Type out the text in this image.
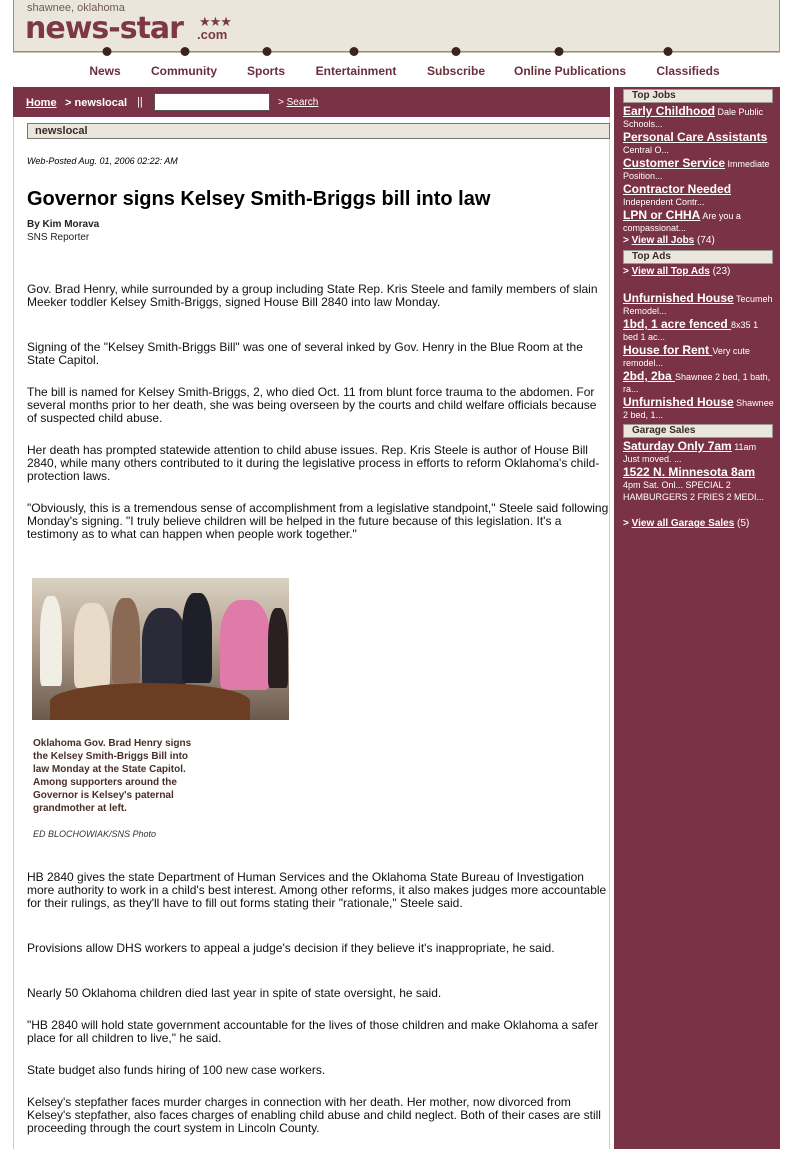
shawnee, oklahoma
news-star ★★★
.com
News	Community Sports	Entertainment	Subscribe Online Publications	Classifieds
Home > newslocal ||	> Search
newslocal
Web-Posted Aug. 01, 2006 02:22: AM
Governor signs Kelsey Smith-Briggs bill into law
By Kim Morava
SNS Reporter

Gov. Brad Henry, while surrounded by a group including State Rep. Kris Steele and family members of slain Meeker toddler Kelsey Smith-Briggs, signed House Bill 2840 into law Monday.

Signing of the "Kelsey Smith-Briggs Bill" was one of several inked by Gov. Henry in the Blue Room at the State Capitol.

The bill is named for Kelsey Smith-Briggs, 2, who died Oct. 11 from blunt force trauma to the abdomen. For several months prior to her death, she was being overseen by the courts and child welfare officials because of suspected child abuse.

Her death has prompted statewide attention to child abuse issues. Rep. Kris Steele is author of House Bill 2840, while many others contributed to it during the legislative process in efforts to reform Oklahoma's child-protection laws.

"Obviously, this is a tremendous sense of accomplishment from a legislative standpoint," Steele said following Monday's signing. "I truly believe children will be helped in the future because of this legislation. It's a testimony as to what can happen when people work together."

Oklahoma Gov. Brad Henry signs the Kelsey Smith-Briggs Bill into law Monday at the State Capitol. Among supporters around the Governor is Kelsey's paternal grandmother at left.
ED BLOCHOWIAK/SNS Photo

HB 2840 gives the state Department of Human Services and the Oklahoma State Bureau of Investigation more authority to work in a child's best interest. Among other reforms, it also makes judges more accountable for their rulings, as they'll have to fill out forms stating their "rationale," Steele said.

Provisions allow DHS workers to appeal a judge's decision if they believe it's inappropriate, he said.

Nearly 50 Oklahoma children died last year in spite of state oversight, he said.

"HB 2840 will hold state government accountable for the lives of those children and make Oklahoma a safer place for all children to live," he said.

State budget also funds hiring of 100 new case workers.

Kelsey's stepfather faces murder charges in connection with her death. Her mother, now divorced from Kelsey's stepfather, also faces charges of enabling child abuse and child neglect. Both of their cases are still proceeding through the court system in Lincoln County.

Top Jobs
Early Childhood Dale Public Schools...
Personal Care Assistants Central O...
Customer Service Immediate Position...
Contractor Needed Independent Contr...
LPN or CHHA Are you a compassionat...
> View all Jobs (74)
Top Ads
> View all Top Ads (23)
Unfurnished House Tecumeh Remodel...
1bd, 1 acre fenced 8x35 1 bed 1 ac...
House for Rent Very cute remodel...
2bd, 2ba Shawnee 2 bed, 1 bath, ra...
Unfurnished House Shawnee 2 bed, 1...
Garage Sales
Saturday Only 7am 11am Just moved. ...
1522 N. Minnesota 8am 4pm Sat. Onl... SPECIAL 2 HAMBURGERS 2 FRIES 2 MEDI...
> View all Garage Sales (5)
